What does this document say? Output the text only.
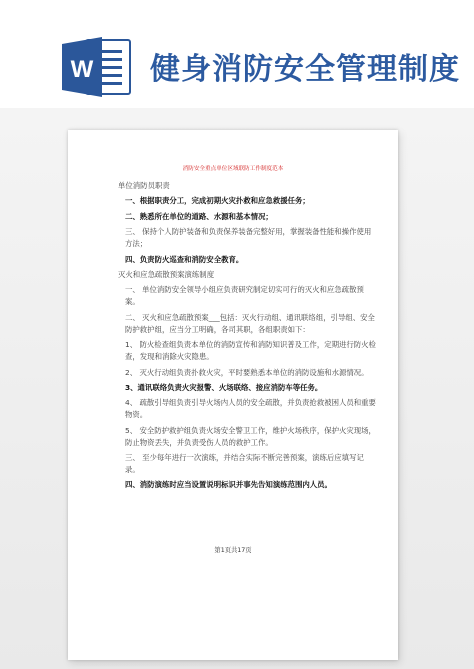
W 健身消防安全管理制度
消防安全重点单位区域联防工作制度范本

单位消防员职责

一、根据职责分工，完成初期火灾扑救和应急救援任务；

二、熟悉所在单位的道路、水源和基本情况；

三、 保持个人防护装备和负责保养装备完整好用，掌握装备性能和操作使用方法；

四、负责防火巡查和消防安全教育。

灭火和应急疏散预案演练制度

一、 单位消防安全领导小组应负责研究制定切实可行的灭火和应急疏散预案。

二、 灭火和应急疏散预案___包括：灭火行动组、通讯联络组，引导组、安全防护救护组，应当分工明确，各司其职，各组职责如下：

1、 防火检查组负责本单位的消防宣传和消防知识普及工作，定期进行防火检查，发现和消除火灾隐患。

2、 灭火行动组负责扑救火灾，平时要熟悉本单位的消防设施和水源情况。

3、通讯联络负责火灾报警、火场联络、接应消防车等任务。

4、 疏散引导组负责引导火场内人员的安全疏散，并负责抢救被困人员和重要物资。

5、 安全防护救护组负责火场安全警卫工作，维护火场秩序，保护火灾现场，防止物资丢失，并负责受伤人员的救护工作。

三、 至少每年进行一次演练，并结合实际不断完善预案，演练后应填写记录。

四、消防演练时应当设置说明标识并事先告知演练范围内人员。

第1页共17页
